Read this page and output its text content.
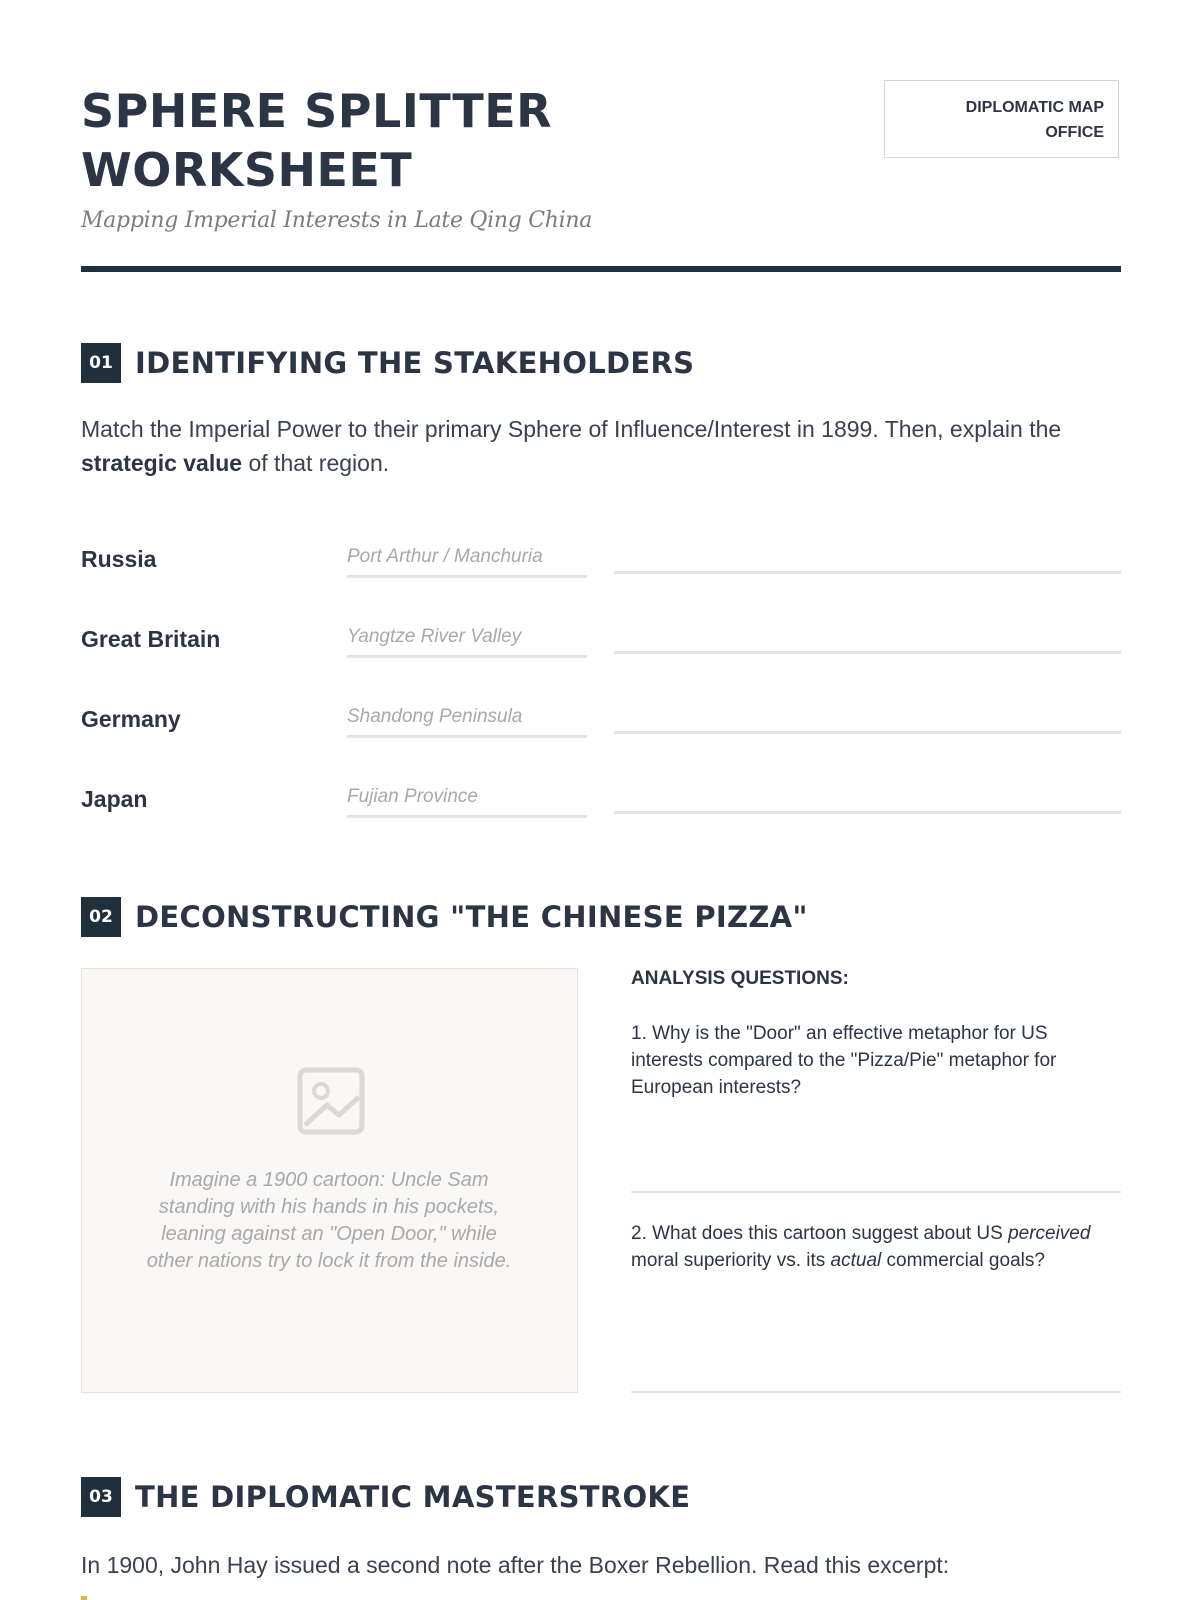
SPHERE SPLITTER
WORKSHEET
Mapping Imperial Interests in Late Qing China
DIPLOMATIC MAP
OFFICE
01 IDENTIFYING THE STAKEHOLDERS
Match the Imperial Power to their primary Sphere of Influence/Interest in 1899. Then, explain the strategic value of that region.
Russia	Port Arthur / Manchuria
Great Britain	Yangtze River Valley
Germany	Shandong Peninsula
Japan	Fujian Province
02 DECONSTRUCTING "THE CHINESE PIZZA"
Imagine a 1900 cartoon: Uncle Sam standing with his hands in his pockets, leaning against an "Open Door," while other nations try to lock it from the inside.
ANALYSIS QUESTIONS:
1. Why is the "Door" an effective metaphor for US interests compared to the "Pizza/Pie" metaphor for European interests?
2. What does this cartoon suggest about US perceived moral superiority vs. its actual commercial goals?
03 THE DIPLOMATIC MASTERSTROKE
In 1900, John Hay issued a second note after the Boxer Rebellion. Read this excerpt:
